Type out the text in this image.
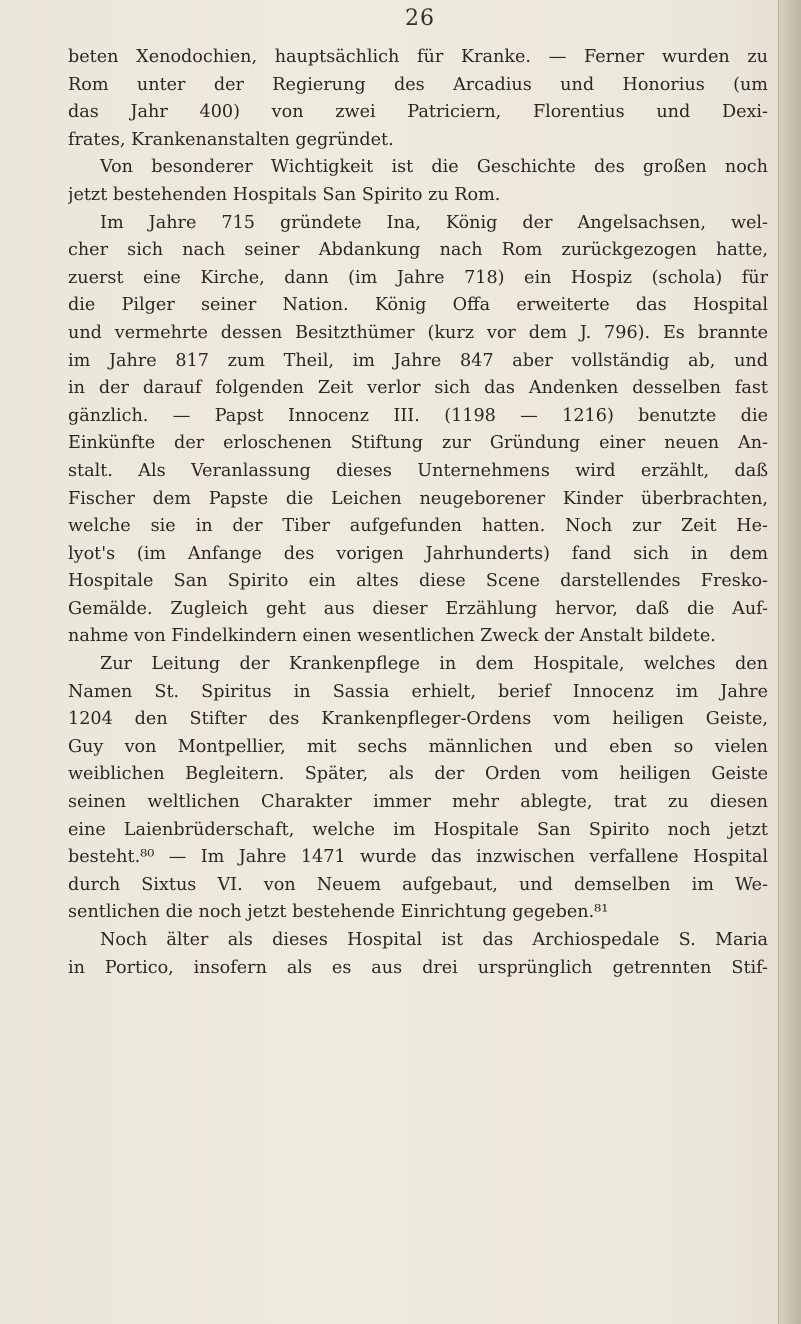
26
beten Xenodochien, hauptsächlich für Kranke. — Ferner wurden zu
Rom unter der Regierung des Arcadius und Honorius (um
das Jahr 400) von zwei Patriciern, Florentius und Dexi-
frates, Krankenanstalten gegründet.
Von besonderer Wichtigkeit ist die Geschichte des großen noch
jetzt bestehenden Hospitals San Spirito zu Rom.
Im Jahre 715 gründete Ina, König der Angelsachsen, wel-
cher sich nach seiner Abdankung nach Rom zurückgezogen hatte,
zuerst eine Kirche, dann (im Jahre 718) ein Hospiz (schola) für
die Pilger seiner Nation. König Offa erweiterte das Hospital
und vermehrte dessen Besitzthümer (kurz vor dem J. 796). Es brannte
im Jahre 817 zum Theil, im Jahre 847 aber vollständig ab, und
in der darauf folgenden Zeit verlor sich das Andenken desselben fast
gänzlich. — Papst Innocenz III. (1198 — 1216) benutzte die
Einkünfte der erloschenen Stiftung zur Gründung einer neuen An-
stalt. Als Veranlassung dieses Unternehmens wird erzählt, daß
Fischer dem Papste die Leichen neugeborener Kinder überbrachten,
welche sie in der Tiber aufgefunden hatten. Noch zur Zeit He-
lyot's (im Anfange des vorigen Jahrhunderts) fand sich in dem
Hospitale San Spirito ein altes diese Scene darstellendes Fresko-
Gemälde. Zugleich geht aus dieser Erzählung hervor, daß die Auf-
nahme von Findelkindern einen wesentlichen Zweck der Anstalt bildete.
Zur Leitung der Krankenpflege in dem Hospitale, welches den
Namen St. Spiritus in Sassia erhielt, berief Innocenz im Jahre
1204 den Stifter des Krankenpfleger-Ordens vom heiligen Geiste,
Guy von Montpellier, mit sechs männlichen und eben so vielen
weiblichen Begleitern. Später, als der Orden vom heiligen Geiste
seinen weltlichen Charakter immer mehr ablegte, trat zu diesen
eine Laienbrüderschaft, welche im Hospitale San Spirito noch jetzt
besteht.⁸⁰ — Im Jahre 1471 wurde das inzwischen verfallene Hospital
durch Sixtus VI. von Neuem aufgebaut, und demselben im We-
sentlichen die noch jetzt bestehende Einrichtung gegeben.⁸¹
Noch älter als dieses Hospital ist das Archiospedale S. Maria
in Portico, insofern als es aus drei ursprünglich getrennten Stif-
